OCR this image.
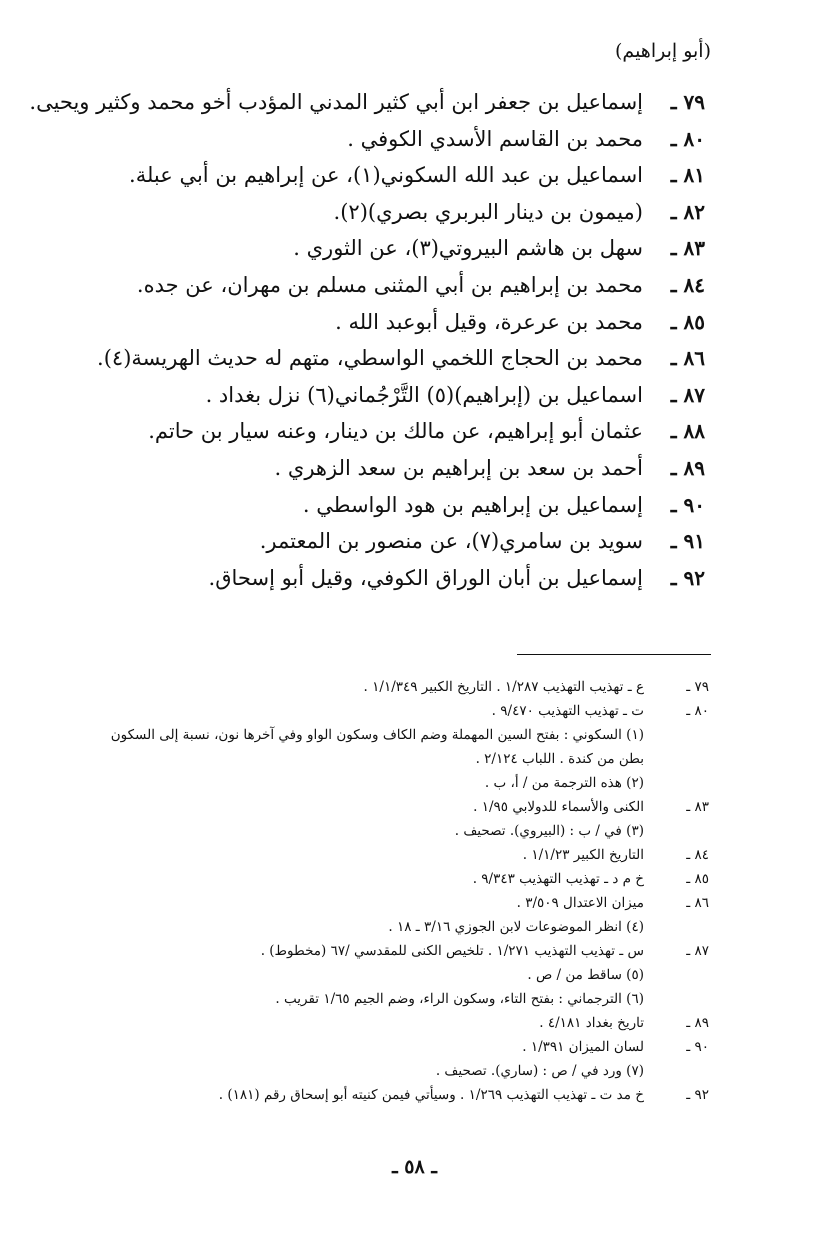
(أبو إبراهيم)
٧٩ ـ
إسماعيل بن جعفر ابن أبي كثير المدني المؤدب أخو محمد وكثير ويحيى.
٨٠ ـ
محمد بن القاسم الأسدي الكوفي .
٨١ ـ
اسماعيل بن عبد الله السكوني(١)، عن إبراهيم بن أبي عبلة.
٨٢ ـ
(ميمون بن دينار البربري بصري)(٢).
٨٣ ـ
سهل بن هاشم البيروتي(٣)، عن الثوري .
٨٤ ـ
محمد بن إبراهيم بن أبي المثنى مسلم بن مهران، عن جده.
٨٥ ـ
محمد بن عرعرة، وقيل أبوعبد الله .
٨٦ ـ
محمد بن الحجاج اللخمي الواسطي، متهم له حديث الهريسة(٤).
٨٧ ـ
اسماعيل بن (إبراهيم)(٥) التَّرْجُماني(٦) نزل بغداد .
٨٨ ـ
عثمان أبو إبراهيم، عن مالك بن دينار، وعنه سيار بن حاتم.
٨٩ ـ
أحمد بن سعد بن إبراهيم بن سعد الزهري .
٩٠ ـ
إسماعيل بن إبراهيم بن هود الواسطي .
٩١ ـ
سويد بن سامري(٧)، عن منصور بن المعتمر.
٩٢ ـ
إسماعيل بن أبان الوراق الكوفي، وقيل أبو إسحاق.
٧٩ ـ
ع ـ تهذيب التهذيب ١/٢٨٧ . التاريخ الكبير ١/١/٣٤٩ .
٨٠ ـ
ت ـ تهذيب التهذيب ٩/٤٧٠ .
(١) السكوني : بفتح السين المهملة وضم الكاف وسكون الواو وفي آخرها نون، نسبة إلى السكون بطن من كندة . اللباب ٢/١٢٤ .
(٢) هذه الترجمة من / أ، ب .
٨٣ ـ
الكنى والأسماء للدولابي ١/٩٥ .
(٣) في / ب : (البيروي). تصحيف .
٨٤ ـ
التاريخ الكبير ١/١/٢٣ .
٨٥ ـ
خ م د ـ تهذيب التهذيب ٩/٣٤٣ .
٨٦ ـ
ميزان الاعتدال ٣/٥٠٩ .
(٤) انظر الموضوعات لابن الجوزي ٣/١٦ ـ ١٨ .
٨٧ ـ
س ـ تهذيب التهذيب ١/٢٧١ . تلخيص الكنى للمقدسي /٦٧ (مخطوط) .
(٥) ساقط من / ص .
(٦) الترجماني : بفتح التاء، وسكون الراء، وضم الجيم ١/٦٥ تقريب .
٨٩ ـ
تاريخ بغداد ٤/١٨١ .
٩٠ ـ
لسان الميزان ١/٣٩١ .
(٧) ورد في / ص : (ساري). تصحيف .
٩٢ ـ
خ مد ت ـ تهذيب التهذيب ١/٢٦٩ . وسيأتي فيمن كنيته أبو إسحاق رقم (١٨١) .
ـ ٥٨ ـ
